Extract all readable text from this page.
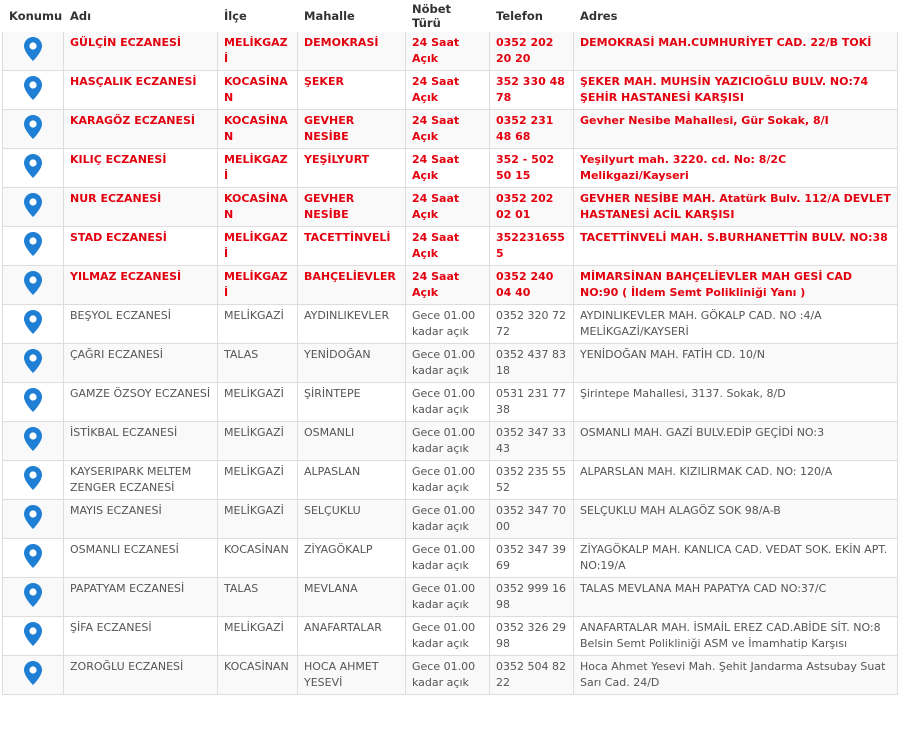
Konumu	Adı	İlçe	Mahalle	Nöbet Türü	Telefon	Adres
	GÜLÇİN ECZANESİ	MELİKGAZİ	DEMOKRASİ	24 Saat Açık	0352 202 20 20	DEMOKRASİ MAH.CUMHURİYET CAD. 22/B TOKİ
	HASÇALIK ECZANESİ	KOCASİNAN	ŞEKER	24 Saat Açık	352 330 48 78	ŞEKER MAH. MUHSİN YAZICIOĞLU BULV. NO:74 ŞEHİR HASTANESİ KARŞISI
	KARAGÖZ ECZANESİ	KOCASİNAN	GEVHER NESİBE	24 Saat Açık	0352 231 48 68	Gevher Nesibe Mahallesi, Gür Sokak, 8/I
	KILIÇ ECZANESİ	MELİKGAZİ	YEŞİLYURT	24 Saat Açık	352 - 502 50 15	Yeşilyurt mah. 3220. cd. No: 8/2C Melikgazi/Kayseri
	NUR ECZANESİ	KOCASİNAN	GEVHER NESİBE	24 Saat Açık	0352 202 02 01	GEVHER NESİBE MAH. Atatürk Bulv. 112/A DEVLET HASTANESİ ACİL KARŞISI
	STAD ECZANESİ	MELİKGAZİ	TACETTİNVELİ	24 Saat Açık	3522316555	TACETTİNVELİ MAH. S.BURHANETTİN BULV. NO:38
	YILMAZ ECZANESİ	MELİKGAZİ	BAHÇELİEVLER	24 Saat Açık	0352 240 04 40	MİMARSİNAN BAHÇELİEVLER MAH GESİ CAD NO:90 ( İldem Semt Polikliniği Yanı )
	BEŞYOL ECZANESİ	MELİKGAZİ	AYDINLIKEVLER	Gece 01.00 kadar açık	0352 320 72 72	AYDINLIKEVLER MAH. GÖKALP CAD. NO :4/A MELİKGAZİ/KAYSERİ
	ÇAĞRI ECZANESİ	TALAS	YENİDOĞAN	Gece 01.00 kadar açık	0352 437 83 18	YENİDOĞAN MAH. FATİH CD. 10/N
	GAMZE ÖZSOY ECZANESİ	MELİKGAZİ	ŞİRİNTEPE	Gece 01.00 kadar açık	0531 231 77 38	Şirintepe Mahallesi, 3137. Sokak, 8/D
	İSTİKBAL ECZANESİ	MELİKGAZİ	OSMANLI	Gece 01.00 kadar açık	0352 347 33 43	OSMANLI MAH. GAZİ BULV.EDİP GEÇİDİ NO:3
	KAYSERIPARK MELTEM ZENGER ECZANESİ	MELİKGAZİ	ALPASLAN	Gece 01.00 kadar açık	0352 235 55 52	ALPARSLAN MAH. KIZILIRMAK CAD. NO: 120/A
	MAYIS ECZANESİ	MELİKGAZİ	SELÇUKLU	Gece 01.00 kadar açık	0352 347 70 00	SELÇUKLU MAH ALAGÖZ SOK 98/A-B
	OSMANLI ECZANESİ	KOCASİNAN	ZİYAGÖKALP	Gece 01.00 kadar açık	0352 347 39 69	ZİYAGÖKALP MAH. KANLICA CAD. VEDAT SOK. EKİN APT. NO:19/A
	PAPATYAM ECZANESİ	TALAS	MEVLANA	Gece 01.00 kadar açık	0352 999 16 98	TALAS MEVLANA MAH PAPATYA CAD NO:37/C
	ŞİFA ECZANESİ	MELİKGAZİ	ANAFARTALAR	Gece 01.00 kadar açık	0352 326 29 98	ANAFARTALAR MAH. İSMAİL EREZ CAD.ABİDE SİT. NO:8 Belsin Semt Polikliniği ASM ve İmamhatip Karşısı
	ZOROĞLU ECZANESİ	KOCASİNAN	HOCA AHMET YESEVİ	Gece 01.00 kadar açık	0352 504 82 22	Hoca Ahmet Yesevi Mah. Şehit Jandarma Astsubay Suat Sarı Cad. 24/D
